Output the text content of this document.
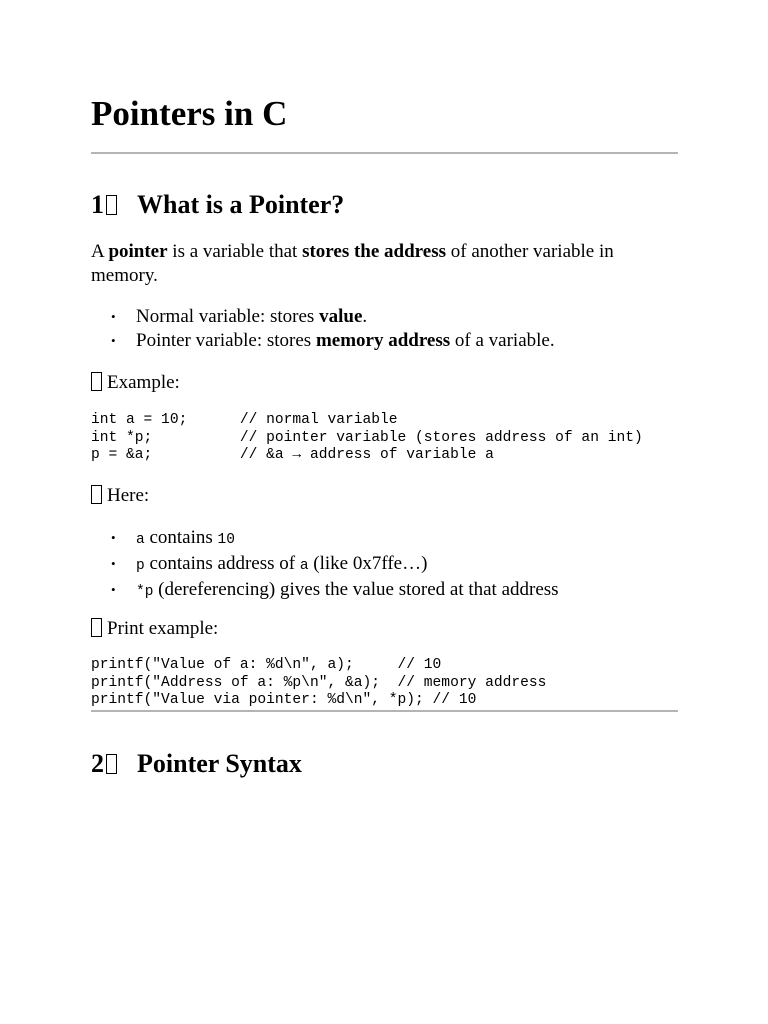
Pointers in C
1 What is a Pointer?

A pointer is a variable that stores the address of another variable in memory.

• Normal variable: stores value.
• Pointer variable: stores memory address of a variable.

Example:

int a = 10;      // normal variable
int *p;          // pointer variable (stores address of an int)
p = &a;          // &a → address of variable a

Here:

• a contains 10
• p contains address of a (like 0x7ffe…)
• *p (dereferencing) gives the value stored at that address

Print example:

printf("Value of a: %d\n", a);     // 10
printf("Address of a: %p\n", &a);  // memory address
printf("Value via pointer: %d\n", *p); // 10
2 Pointer Syntax
